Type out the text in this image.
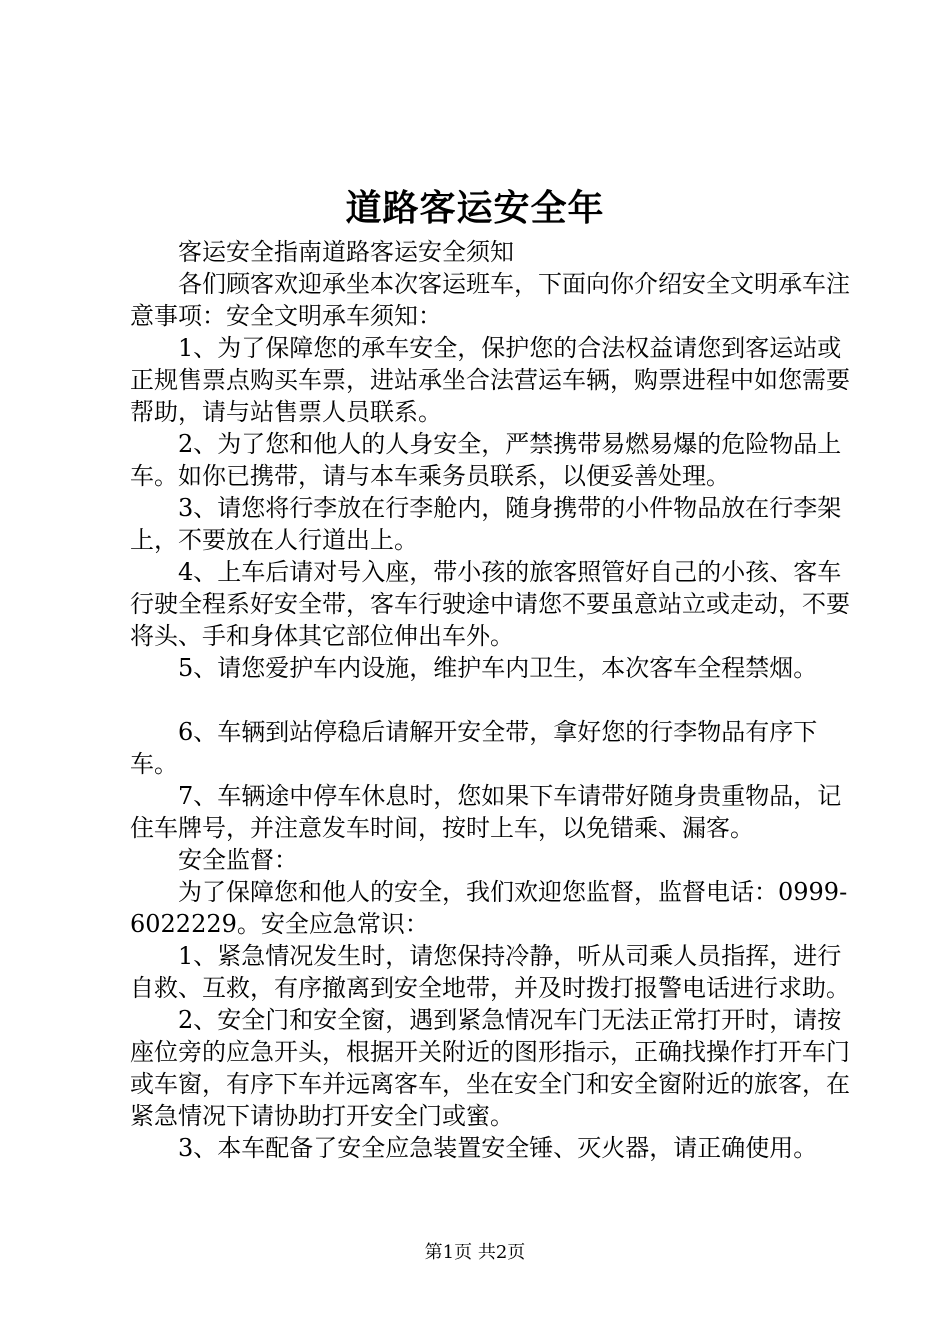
道路客运安全年

客运安全指南道路客运安全须知

各们顾客欢迎承坐本次客运班车，下面向你介绍安全文明承车注意事项：安全文明承车须知：

1、为了保障您的承车安全，保护您的合法权益请您到客运站或正规售票点购买车票，进站承坐合法营运车辆，购票进程中如您需要帮助，请与站售票人员联系。

2、为了您和他人的人身安全，严禁携带易燃易爆的危险物品上车。如你已携带，请与本车乘务员联系，以便妥善处理。

3、请您将行李放在行李舱内，随身携带的小件物品放在行李架上，不要放在人行道出上。

4、上车后请对号入座，带小孩的旅客照管好自己的小孩、客车行驶全程系好安全带，客车行驶途中请您不要虽意站立或走动，不要将头、手和身体其它部位伸出车外。

5、请您爱护车内设施，维护车内卫生，本次客车全程禁烟。

6、车辆到站停稳后请解开安全带，拿好您的行李物品有序下车。

7、车辆途中停车休息时，您如果下车请带好随身贵重物品，记住车牌号，并注意发车时间，按时上车，以免错乘、漏客。

安全监督：

为了保障您和他人的安全，我们欢迎您监督，监督电话：0999-6022229。安全应急常识：

1、紧急情况发生时，请您保持冷静，听从司乘人员指挥，进行自救、互救，有序撤离到安全地带，并及时拨打报警电话进行求助。

2、安全门和安全窗，遇到紧急情况车门无法正常打开时，请按座位旁的应急开头，根据开关附近的图形指示，正确找操作打开车门或车窗，有序下车并远离客车，坐在安全门和安全窗附近的旅客，在紧急情况下请协助打开安全门或蜜。

3、本车配备了安全应急装置安全锤、灭火器，请正确使用。

第1页 共2页
